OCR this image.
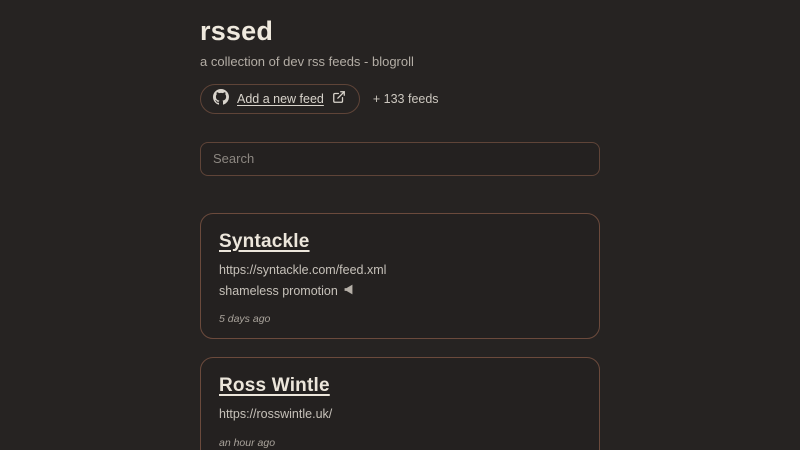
rssed
a collection of dev rss feeds - blogroll
Add a new feed	+ 133 feeds
Search
Syntackle
https://syntackle.com/feed.xml
shameless promotion
5 days ago
Ross Wintle
https://rosswintle.uk/
an hour ago
